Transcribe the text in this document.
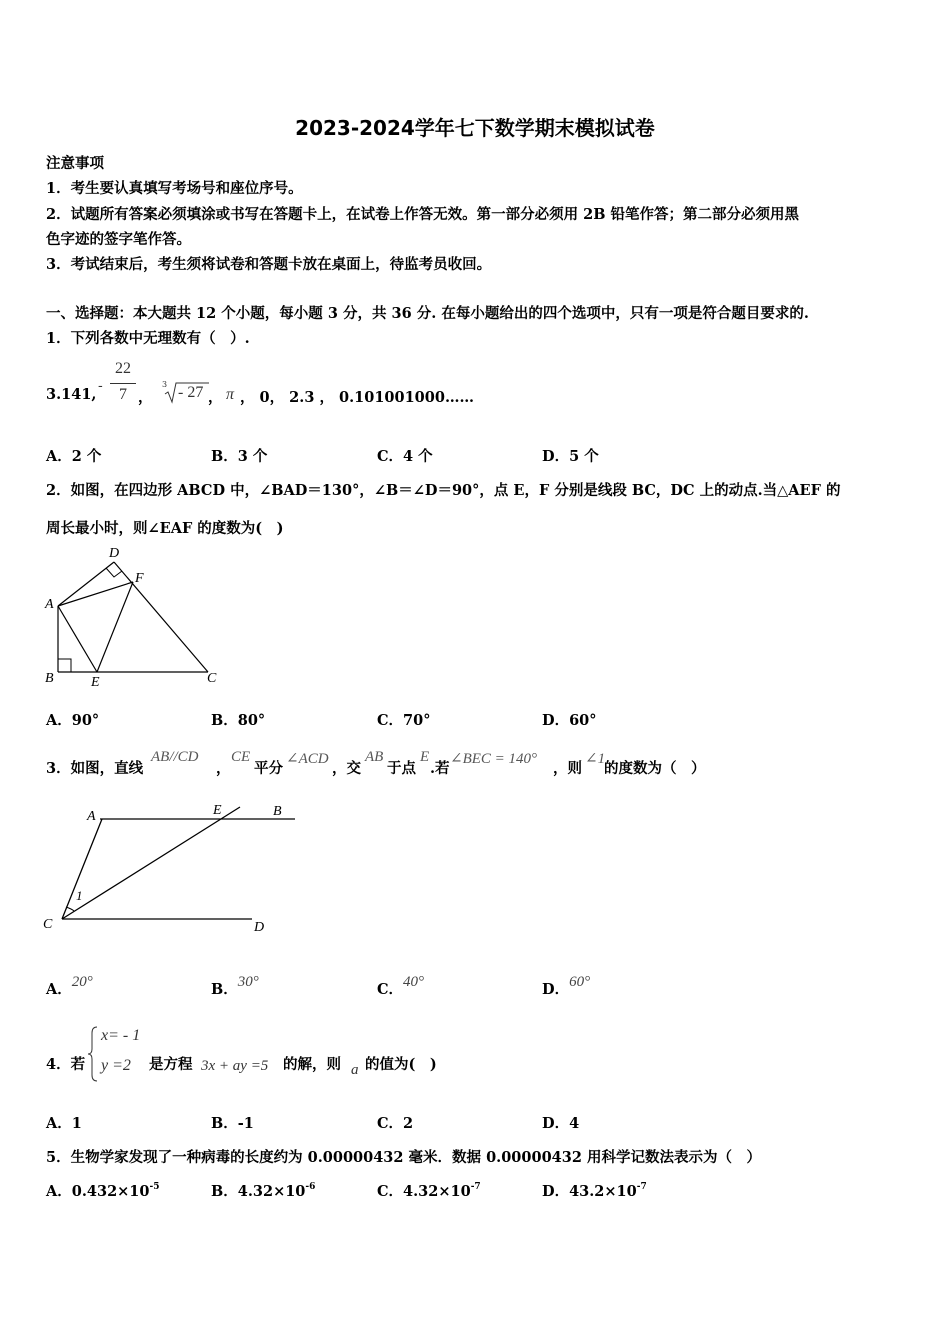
2023-2024学年七下数学期末模拟试卷
注意事项
1．考生要认真填写考场号和座位序号。
2．试题所有答案必须填涂或书写在答题卡上，在试卷上作答无效。第一部分必须用 2B 铅笔作答；第二部分必须用黑
色字迹的签字笔作答。
3．考试结束后，考生须将试卷和答题卡放在桌面上，待监考员收回。
一、选择题：本大题共 12 个小题，每小题 3 分，共 36 分. 在每小题给出的四个选项中，只有一项是符合题目要求的.
1．下列各数中无理数有（　）.
3.141, -
22
7 ，
3 - 27 ， π ， 0， 2.3 ， 0.101001000……
A．2 个	B．3 个	C．4 个	D．5 个
2．如图，在四边形 ABCD 中，∠BAD＝130°，∠B＝∠D＝90°，点 E，F 分别是线段 BC，DC 上的动点.当△AEF 的
周长最小时，则∠EAF 的度数为(　)
D
F
A
B	E	C
A．90°	B．80°	C．70°	D．60°
3．如图，直线
AB//CD
，
CE
平分
∠ACD
，交
AB
于点
E
.若
∠BEC = 140°
，则
∠1
的度数为（　）
A	E	B
1
C	D
A．20°	B．30°	C．40°	D．60°
4．若
x= - 1
y =2 是方程 3x + ay =5 的解，则 a 的值为(　)
A．1	B．-1	C．2	D．4
5．生物学家发现了一种病毒的长度约为 0.00000432 毫米．数据 0.00000432 用科学记数法表示为（　）
A．$0.432\times 10^{-5}$	B．$4.32\times 10^{-6}$	C．$4.32\times 10^{-7}$	D．$43.2\times 10^{-7}$
